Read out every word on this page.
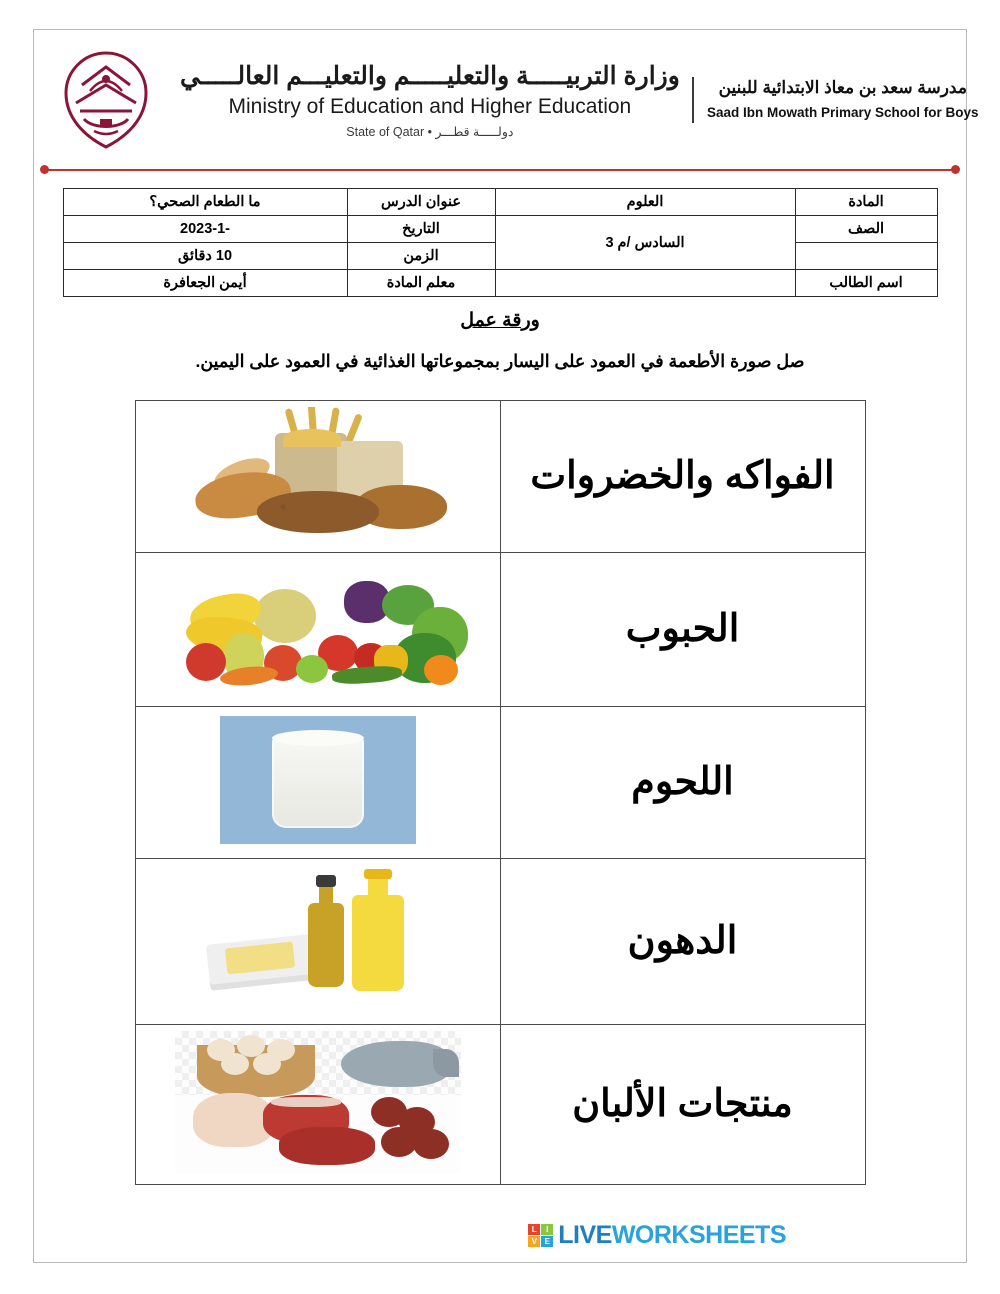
وزارة التربيـــــة والتعليـــــم والتعليـــم العالـــــي
Ministry of Education and Higher Education
دولـــــة قطـــر • State of Qatar
مدرسة سعد بن معاذ الابتدائية للبنين
Saad Ibn Mowath Primary School for Boys
المادة	العلوم	عنوان الدرس	ما الطعام الصحي؟
الصف	السادس /م 3	التاريخ	-2023-1
		الزمن	10 دقائق
اسم الطالب		معلم المادة	أيمن الجعافرة
ورقة عمل
صل صورة الأطعمة في العمود على اليسار بمجموعاتها الغذائية في العمود على اليمين.
الفواكه والخضروات	

الحبوب	

اللحوم	

الدهون	

منتجات الألبان	
L	I
V E LIVEWORKSHEETS
